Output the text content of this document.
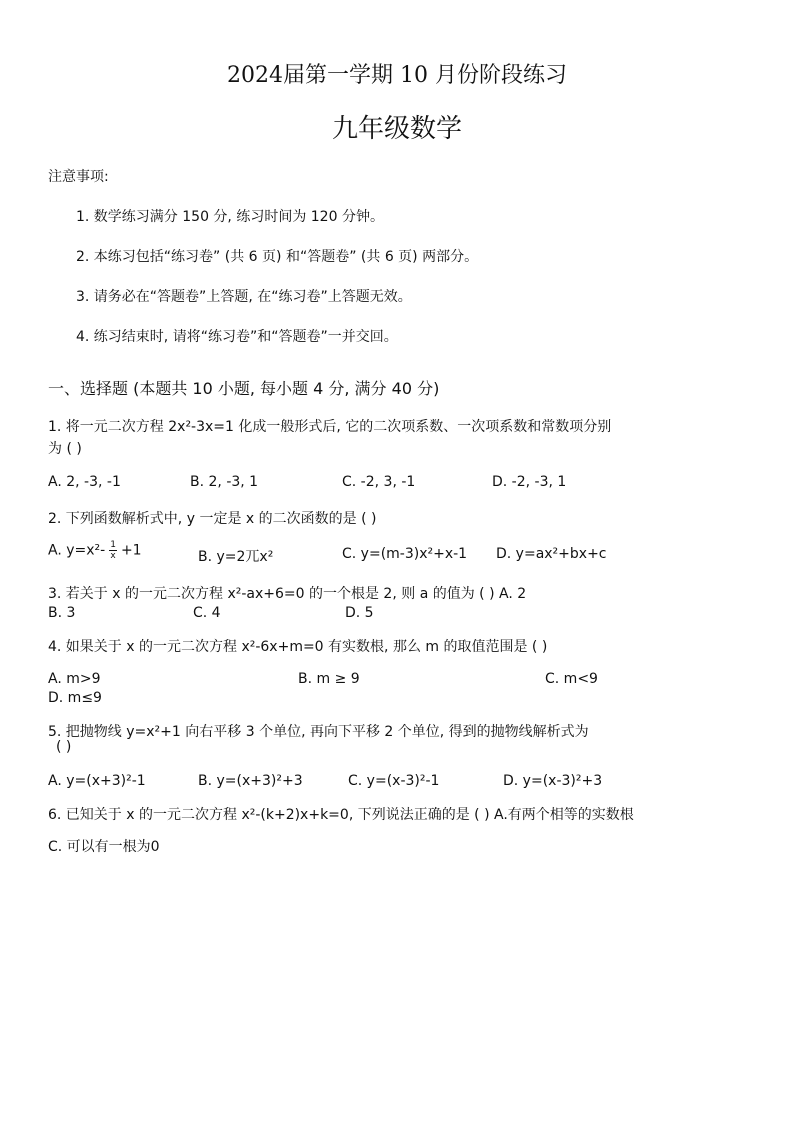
2024届第一学期 10 月份阶段练习
九年级数学
注意事项:
1. 数学练习满分 150 分, 练习时间为 120 分钟。
2. 本练习包括“练习卷” (共 6 页) 和“答题卷” (共 6 页) 两部分。
3. 请务必在“答题卷”上答题, 在“练习卷”上答题无效。
4. 练习结束时, 请将“练习卷”和“答题卷”一并交回。
一、选择题 (本题共 10 小题, 每小题 4 分, 满分 40 分)
1. 将一元二次方程 2x²-3x=1 化成一般形式后, 它的二次项系数、一次项系数和常数项分别
为 ( )
A. 2, -3, -1	B. 2, -3, 1	C. -2, 3, -1	D. -2, -3, 1
2. 下列函数解析式中, y 一定是 x 的二次函数的是 ( )
A. $y=x^2- \frac{1}{x} +1$	B. y=2兀x²	C. y=(m-3)x²+x-1 D. y=ax²+bx+c
3. 若关于 x 的一元二次方程 x²-ax+6=0 的一个根是 2, 则 a 的值为 ( ) A. 2
B. 3	C. 4	D. 5
4. 如果关于 x 的一元二次方程 x²-6x+m=0 有实数根, 那么 m 的取值范围是 ( )
A. m>9	B. m ≥ 9	C. m<9
D. m≤9
5. 把抛物线 y=x²+1 向右平移 3 个单位, 再向下平移 2 个单位, 得到的抛物线解析式为
( )
A. y=(x+3)²-1	B. y=(x+3)²+3	C. y=(x-3)²-1	D. y=(x-3)²+3
6. 已知关于 x 的一元二次方程 x²-(k+2)x+k=0, 下列说法正确的是 ( ) A.有两个相等的实数根
C. 可以有一根为0
